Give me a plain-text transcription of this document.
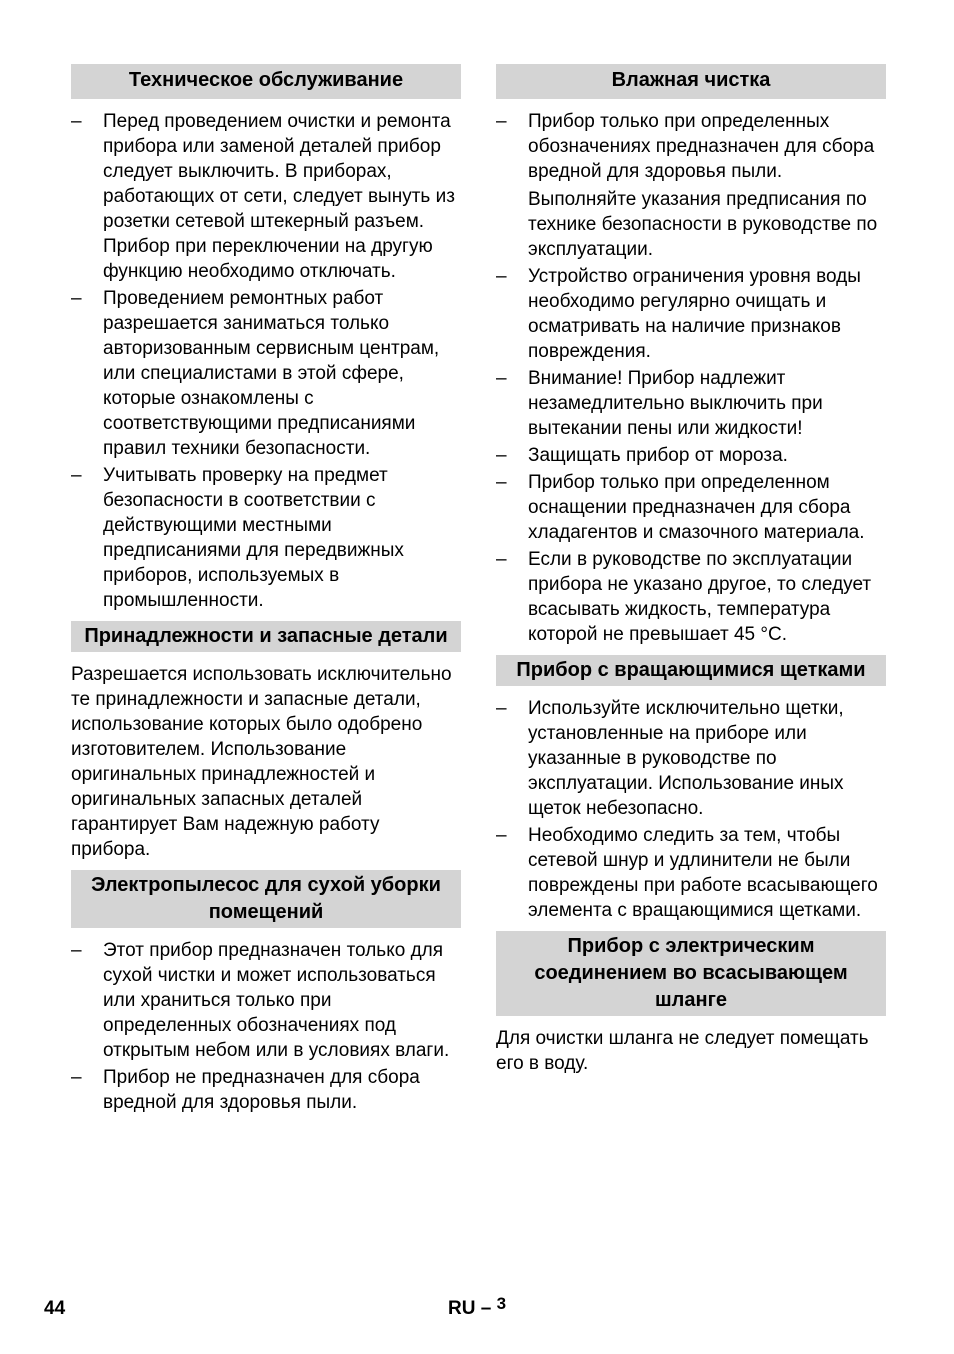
Техническое обслуживание
– Перед проведением очистки и ремонта прибора или заменой деталей прибор следует выключить. В приборах, работающих от сети, следует вынуть из розетки сетевой штекерный разъем. Прибор при переключении на другую функцию необходимо отключать.
– Проведением ремонтных работ разрешается заниматься только авторизованным сервисным центрам, или специалистами в этой сфере, которые ознакомлены с соответствующими предписаниями правил техники безопасности.
– Учитывать проверку на предмет безопасности в соответствии с действующими местными предписаниями для передвижных приборов, используемых в промышленности.
Принадлежности и запасные детали

Разрешается использовать исключительно те принадлежности и запасные детали, использование которых было одобрено изготовителем. Использование оригинальных принадлежностей и оригинальных запасных деталей гарантирует Вам надежную работу прибора.

Электропылесос для сухой уборки помещений
– Этот прибор предназначен только для сухой чистки и может использоваться или храниться только при определенных обозначениях под открытым небом или в условиях влаги.
– Прибор не предназначен для сбора вредной для здоровья пыли.
Влажная чистка
– Прибор только при определенных обозначениях предназначен для сбора вредной для здоровья пыли.
Выполняйте указания предписания по технике безопасности в руководстве по эксплуатации.
– Устройство ограничения уровня воды необходимо регулярно очищать и осматривать на наличие признаков повреждения.
– Внимание! Прибор надлежит незамедлительно выключить при вытекании пены или жидкости!
– Защищать прибор от мороза.
– Прибор только при определенном оснащении предназначен для сбора хладагентов и смазочного материала.
– Если в руководстве по эксплуатации прибора не указано другое, то следует всасывать жидкость, температура которой не превышает 45 °C.
Прибор с вращающимися щетками
– Используйте исключительно щетки, установленные на приборе или указанные в руководстве по эксплуатации. Использование иных щеток небезопасно.
– Необходимо следить за тем, чтобы сетевой шнур и удлинители не были повреждены при работе всасывающего элемента с вращающимися щетками.
Прибор с электрическим соединением во всасывающем шланге

Для очистки шланга не следует помещать его в воду.

44	RU – 3
